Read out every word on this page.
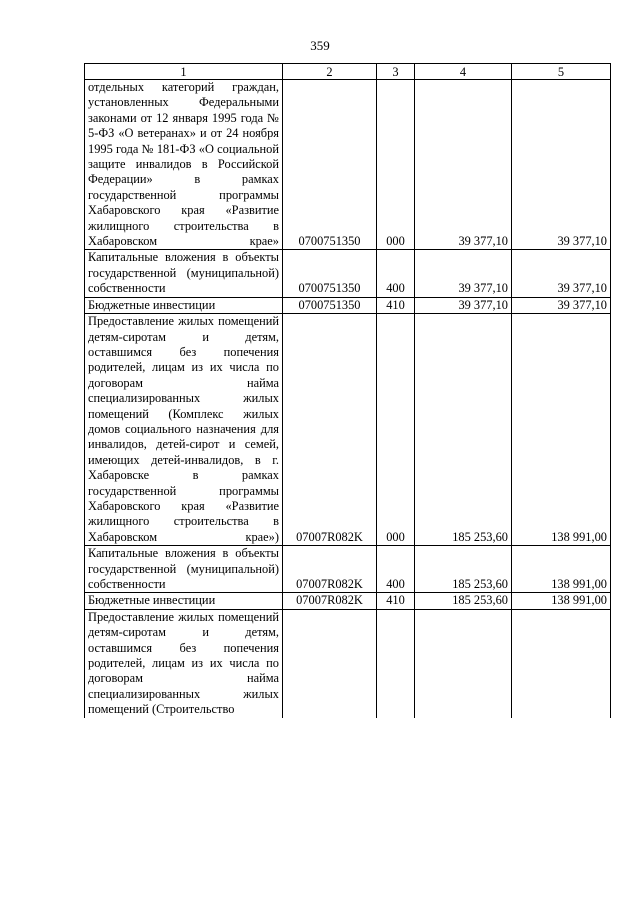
359
1	2	3	4	5
отдельных категорий граждан, установленных Федеральными законами от 12 января 1995 года № 5-ФЗ «О ветеранах» и от 24 ноября 1995 года № 181-ФЗ «О социальной защите инвалидов в Российской Федерации» в рамках государственной программы Хабаровского края «Развитие жилищного строительства в Хабаровском крае»	0700751350	000	39 377,10	39 377,10
Капитальные вложения в объекты государственной (муниципальной) собственности	0700751350	400	39 377,10	39 377,10
Бюджетные инвестиции	0700751350	410	39 377,10	39 377,10
Предоставление жилых помещений детям-сиротам и детям, оставшимся без попечения родителей, лицам из их числа по договорам найма специализированных жилых помещений (Комплекс жилых домов социального назначения для инвалидов, детей-сирот и семей, имеющих детей-инвалидов, в г. Хабаровске в рамках государственной программы Хабаровского края «Развитие жилищного строительства в Хабаровском крае»)	07007R082K	000	185 253,60	138 991,00
Капитальные вложения в объекты государственной (муниципальной) собственности	07007R082K	400	185 253,60	138 991,00
Бюджетные инвестиции	07007R082K	410	185 253,60	138 991,00
Предоставление жилых помещений детям-сиротам и детям, оставшимся без попечения родителей, лицам из их числа по договорам найма специализированных жилых помещений (Строительство				
